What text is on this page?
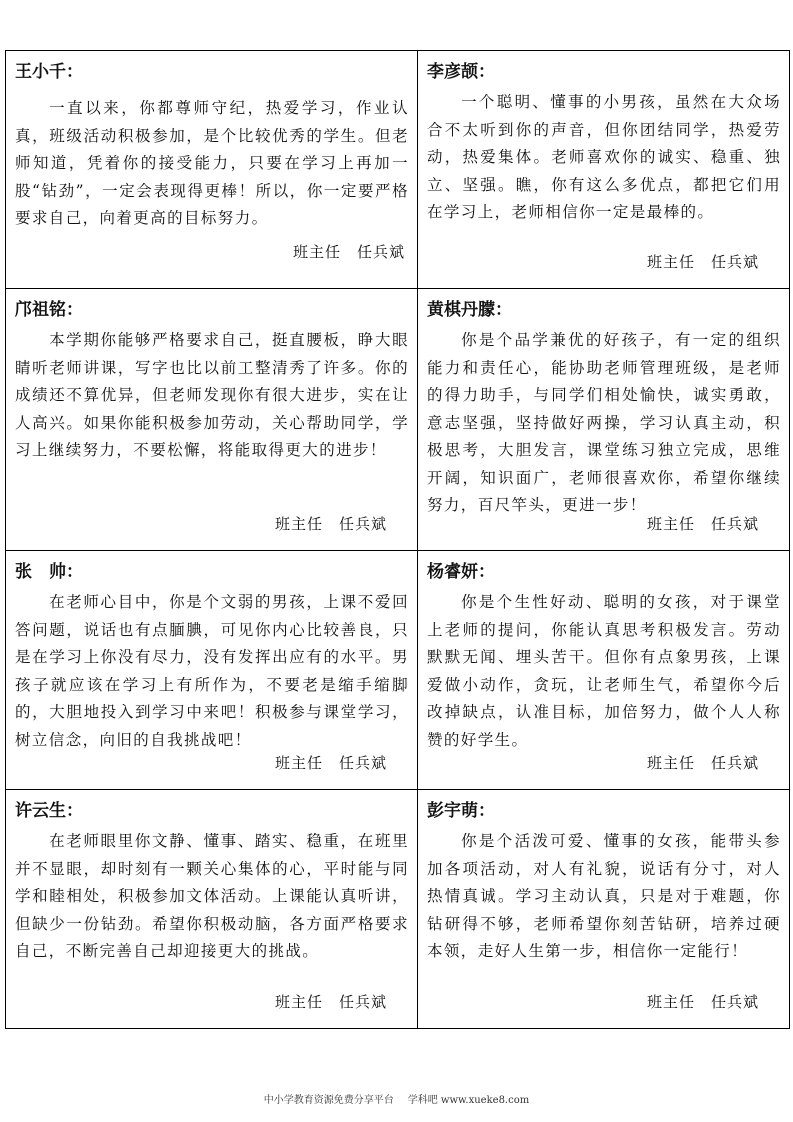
王小千：

一直以来，你都尊师守纪，热爱学习，作业认真，班级活动积极参加，是个比较优秀的学生。但老师知道，凭着你的接受能力，只要在学习上再加一股“钻劲”，一定会表现得更棒！所以，你一定要严格要求自己，向着更高的目标努力。

班主任 任兵斌
李彦颉：

一个聪明、懂事的小男孩，虽然在大众场合不太听到你的声音，但你团结同学，热爱劳动，热爱集体。老师喜欢你的诚实、稳重、独立、坚强。瞧，你有这么多优点，都把它们用在学习上，老师相信你一定是最棒的。

班主任 任兵斌
邝祖铭：

本学期你能够严格要求自己，挺直腰板，睁大眼睛听老师讲课，写字也比以前工整清秀了许多。你的成绩还不算优异，但老师发现你有很大进步，实在让人高兴。如果你能积极参加劳动，关心帮助同学，学习上继续努力，不要松懈，将能取得更大的进步！

班主任 任兵斌
黄棋丹朦：

你是个品学兼优的好孩子，有一定的组织能力和责任心，能协助老师管理班级，是老师的得力助手，与同学们相处愉快，诚实勇敢，意志坚强，坚持做好两操，学习认真主动，积极思考，大胆发言，课堂练习独立完成，思维开阔，知识面广，老师很喜欢你，希望你继续努力，百尺竿头，更进一步！

班主任 任兵斌
张　帅：

在老师心目中，你是个文弱的男孩，上课不爱回答问题，说话也有点腼腆，可见你内心比较善良，只是在学习上你没有尽力，没有发挥出应有的水平。男孩子就应该在学习上有所作为，不要老是缩手缩脚的，大胆地投入到学习中来吧！积极参与课堂学习，树立信念，向旧的自我挑战吧！

班主任 任兵斌
杨睿妍：

你是个生性好动、聪明的女孩，对于课堂上老师的提问，你能认真思考积极发言。劳动默默无闻、埋头苦干。但你有点象男孩，上课爱做小动作，贪玩，让老师生气，希望你今后改掉缺点，认准目标，加倍努力，做个人人称赞的好学生。

班主任 任兵斌
许云生：

在老师眼里你文静、懂事、踏实、稳重，在班里并不显眼，却时刻有一颗关心集体的心，平时能与同学和睦相处，积极参加文体活动。上课能认真听讲，但缺少一份钻劲。希望你积极动脑，各方面严格要求自己，不断完善自己却迎接更大的挑战。

班主任 任兵斌
彭宇萌：

你是个活泼可爱、懂事的女孩，能带头参加各项活动，对人有礼貌，说话有分寸，对人热情真诚。学习主动认真，只是对于难题，你钻研得不够，老师希望你刻苦钻研，培养过硬本领，走好人生第一步，相信你一定能行！

班主任 任兵斌
中小学教育资源免费分享平台 学科吧 www.xueke8.com
